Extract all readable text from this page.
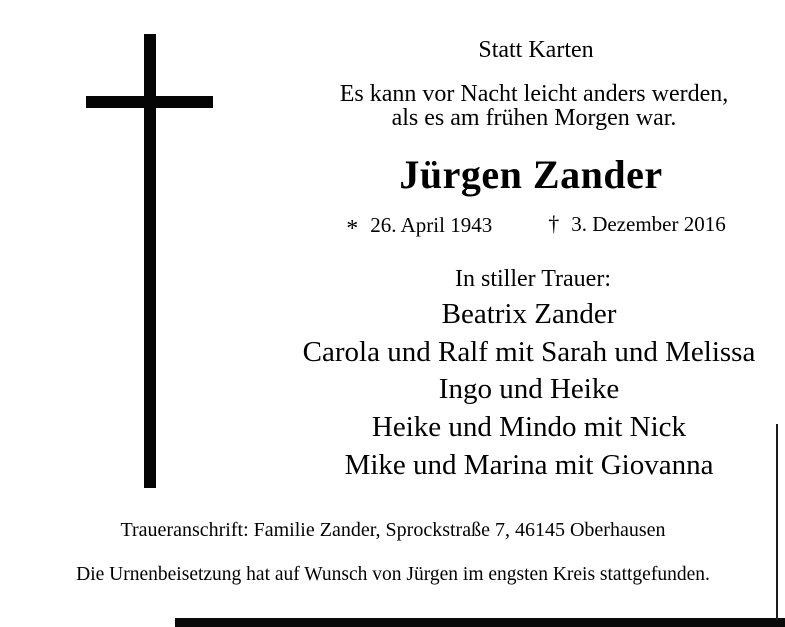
Statt Karten
Es kann vor Nacht leicht anders werden,
als es am frühen Morgen war.
Jürgen Zander
* 26. April 1943	† 3. Dezember 2016
In stiller Trauer:
Beatrix Zander
Carola und Ralf mit Sarah und Melissa
Ingo und Heike
Heike und Mindo mit Nick
Mike und Marina mit Giovanna
Traueranschrift: Familie Zander, Sprockstraße 7, 46145 Oberhausen
Die Urnenbeisetzung hat auf Wunsch von Jürgen im engsten Kreis stattgefunden.
